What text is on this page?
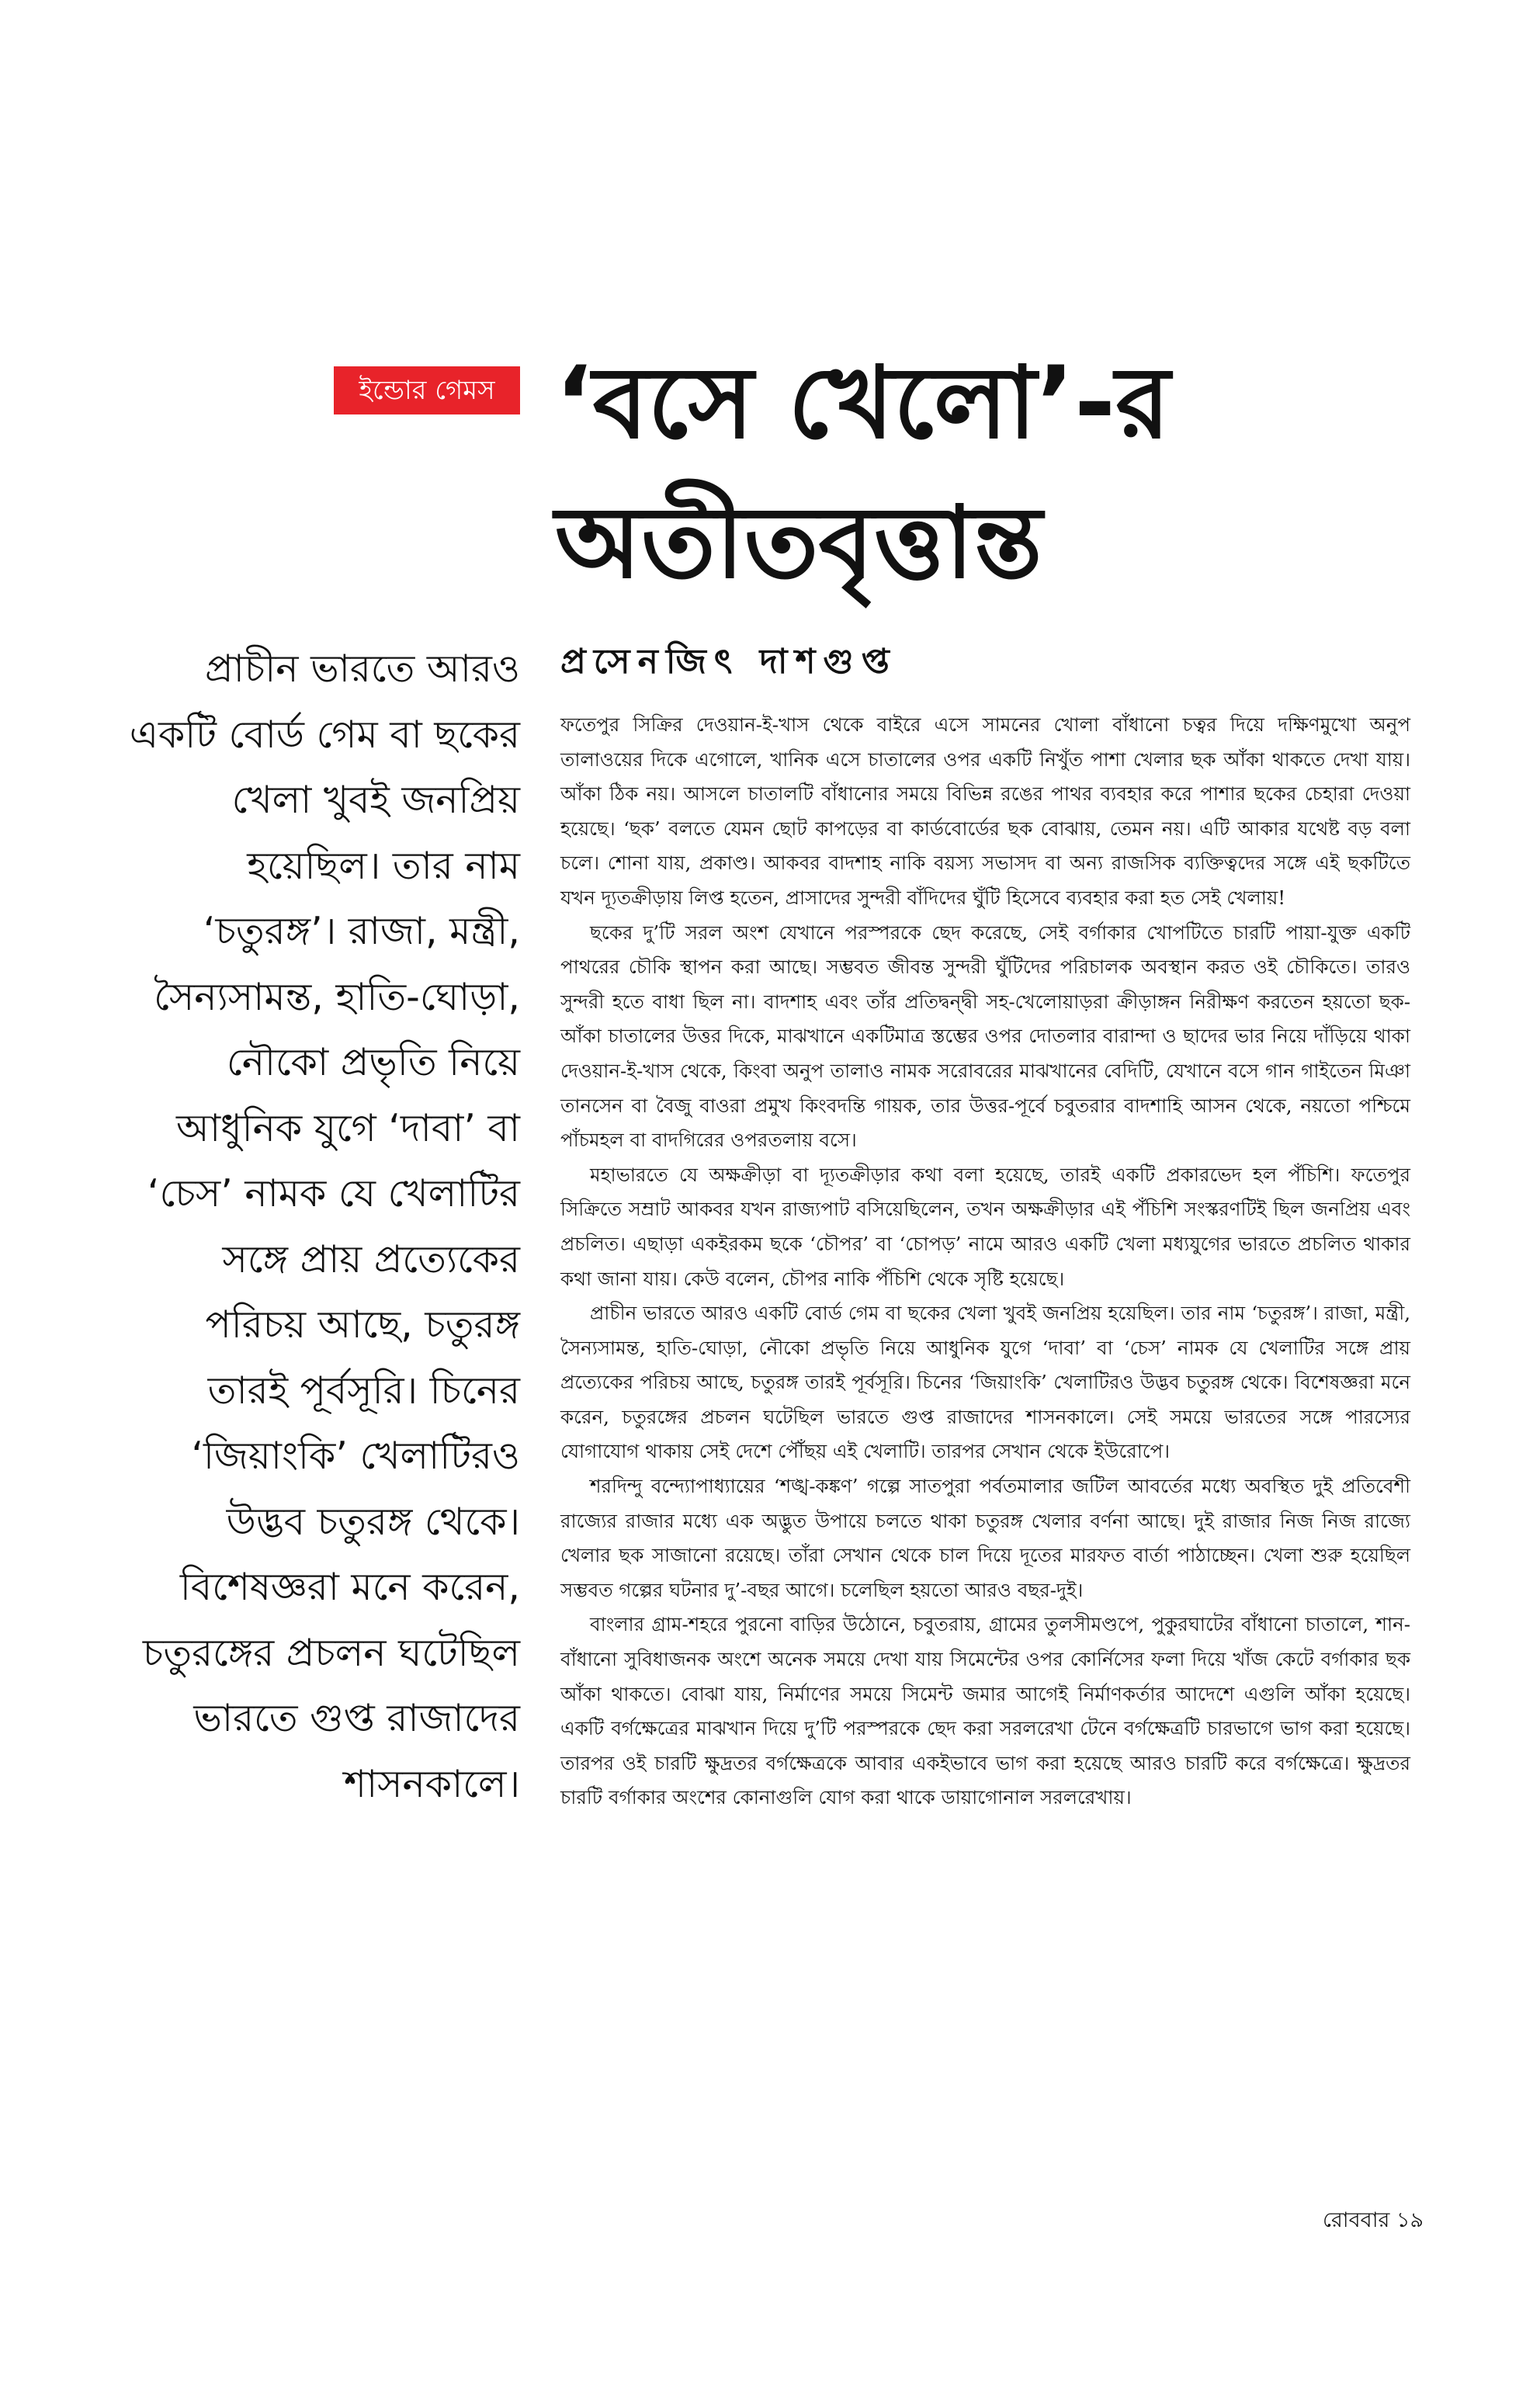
ইন্ডোর গেমস ‘বসে খেলো’-র
অতীতবৃত্তান্ত
প্রাচীন ভারতে আরও একটি বোর্ড গেম বা ছকের খেলা খুবই জনপ্রিয় হয়েছিল। তার নাম ‘চতুরঙ্গ’। রাজা, মন্ত্রী, সৈন্যসামন্ত, হাতি-ঘোড়া, নৌকো প্রভৃতি নিয়ে আধুনিক যুগে ‘দাবা’ বা ‘চেস’ নামক যে খেলাটির সঙ্গে প্রায় প্রত্যেকের পরিচয় আছে, চতুরঙ্গ তারই পূর্বসূরি। চিনের ‘জিয়াংকি’ খেলাটিরও উদ্ভব চতুরঙ্গ থেকে। বিশেষজ্ঞরা মনে করেন, চতুরঙ্গের প্রচলন ঘটেছিল ভারতে গুপ্ত রাজাদের শাসনকালে।
প্রসেনজিৎ দাশগুপ্ত

ফতেপুর সিক্রির দেওয়ান-ই-খাস থেকে বাইরে এসে সামনের খোলা বাঁধানো চত্বর দিয়ে দক্ষিণমুখো অনুপ তালাওয়ের দিকে এগোলে, খানিক এসে চাতালের ওপর একটি নিখুঁত পাশা খেলার ছক আঁকা থাকতে দেখা যায়। আঁকা ঠিক নয়। আসলে চাতালটি বাঁধানোর সময়ে বিভিন্ন রঙের পাথর ব্যবহার করে পাশার ছকের চেহারা দেওয়া হয়েছে। ‘ছক’ বলতে যেমন ছোট কাপড়ের বা কার্ডবোর্ডের ছক বোঝায়, তেমন নয়। এটি আকার যথেষ্ট বড় বলা চলে। শোনা যায়, প্রকাণ্ড। আকবর বাদশাহ নাকি বয়স্য সভাসদ বা অন্য রাজসিক ব্যক্তিত্বদের সঙ্গে এই ছকটিতে যখন দ্যূতক্রীড়ায় লিপ্ত হতেন, প্রাসাদের সুন্দরী বাঁদিদের ঘুঁটি হিসেবে ব্যবহার করা হত সেই খেলায়!

ছকের দু’টি সরল অংশ যেখানে পরস্পরকে ছেদ করেছে, সেই বর্গাকার খোপটিতে চারটি পায়া-যুক্ত একটি পাথরের চৌকি স্থাপন করা আছে। সম্ভবত জীবন্ত সুন্দরী ঘুঁটিদের পরিচালক অবস্থান করত ওই চৌকিতে। তারও সুন্দরী হতে বাধা ছিল না। বাদশাহ এবং তাঁর প্রতিদ্বন্দ্বী সহ-খেলোয়াড়রা ক্রীড়াঙ্গন নিরীক্ষণ করতেন হয়তো ছক-আঁকা চাতালের উত্তর দিকে, মাঝখানে একটিমাত্র স্তম্ভের ওপর দোতলার বারান্দা ও ছাদের ভার নিয়ে দাঁড়িয়ে থাকা দেওয়ান-ই-খাস থেকে, কিংবা অনুপ তালাও নামক সরোবরের মাঝখানের বেদিটি, যেখানে বসে গান গাইতেন মিঞা তানসেন বা বৈজু বাওরা প্রমুখ কিংবদন্তি গায়ক, তার উত্তর-পূর্বে চবুতরার বাদশাহি আসন থেকে, নয়তো পশ্চিমে পাঁচমহল বা বাদগিরের ওপরতলায় বসে।

মহাভারতে যে অক্ষক্রীড়া বা দ্যূতক্রীড়ার কথা বলা হয়েছে, তারই একটি প্রকারভেদ হল পঁচিশি। ফতেপুর সিক্রিতে সম্রাট আকবর যখন রাজ্যপাট বসিয়েছিলেন, তখন অক্ষক্রীড়ার এই পঁচিশি সংস্করণটিই ছিল জনপ্রিয় এবং প্রচলিত। এছাড়া একইরকম ছকে ‘চৌপর’ বা ‘চোপড়’ নামে আরও একটি খেলা মধ্যযুগের ভারতে প্রচলিত থাকার কথা জানা যায়। কেউ বলেন, চৌপর নাকি পঁচিশি থেকে সৃষ্টি হয়েছে।

প্রাচীন ভারতে আরও একটি বোর্ড গেম বা ছকের খেলা খুবই জনপ্রিয় হয়েছিল। তার নাম ‘চতুরঙ্গ’। রাজা, মন্ত্রী, সৈন্যসামন্ত, হাতি-ঘোড়া, নৌকো প্রভৃতি নিয়ে আধুনিক যুগে ‘দাবা’ বা ‘চেস’ নামক যে খেলাটির সঙ্গে প্রায় প্রত্যেকের পরিচয় আছে, চতুরঙ্গ তারই পূর্বসূরি। চিনের ‘জিয়াংকি’ খেলাটিরও উদ্ভব চতুরঙ্গ থেকে। বিশেষজ্ঞরা মনে করেন, চতুরঙ্গের প্রচলন ঘটেছিল ভারতে গুপ্ত রাজাদের শাসনকালে। সেই সময়ে ভারতের সঙ্গে পারস্যের যোগাযোগ থাকায় সেই দেশে পৌঁছয় এই খেলাটি। তারপর সেখান থেকে ইউরোপে।

শরদিন্দু বন্দ্যোপাধ্যায়ের ‘শঙ্খ-কঙ্কণ’ গল্পে সাতপুরা পর্বতমালার জটিল আবর্তের মধ্যে অবস্থিত দুই প্রতিবেশী রাজ্যের রাজার মধ্যে এক অদ্ভুত উপায়ে চলতে থাকা চতুরঙ্গ খেলার বর্ণনা আছে। দুই রাজার নিজ নিজ রাজ্যে খেলার ছক সাজানো রয়েছে। তাঁরা সেখান থেকে চাল দিয়ে দূতের মারফত বার্তা পাঠাচ্ছেন। খেলা শুরু হয়েছিল সম্ভবত গল্পের ঘটনার দু’-বছর আগে। চলেছিল হয়তো আরও বছর-দুই।

বাংলার গ্রাম-শহরে পুরনো বাড়ির উঠোনে, চবুতরায়, গ্রামের তুলসীমণ্ডপে, পুকুরঘাটের বাঁধানো চাতালে, শান-বাঁধানো সুবিধাজনক অংশে অনেক সময়ে দেখা যায় সিমেন্টের ওপর কোর্নিসের ফলা দিয়ে খাঁজ কেটে বর্গাকার ছক আঁকা থাকতে। বোঝা যায়, নির্মাণের সময়ে সিমেন্ট জমার আগেই নির্মাণকর্তার আদেশে এগুলি আঁকা হয়েছে। একটি বর্গক্ষেত্রের মাঝখান দিয়ে দু’টি পরস্পরকে ছেদ করা সরলরেখা টেনে বর্গক্ষেত্রটি চারভাগে ভাগ করা হয়েছে। তারপর ওই চারটি ক্ষুদ্রতর বর্গক্ষেত্রকে আবার একইভাবে ভাগ করা হয়েছে আরও চারটি করে বর্গক্ষেত্রে। ক্ষুদ্রতর চারটি বর্গাকার অংশের কোনাগুলি যোগ করা থাকে ডায়াগোনাল সরলরেখায়।

রোববার ১৯
